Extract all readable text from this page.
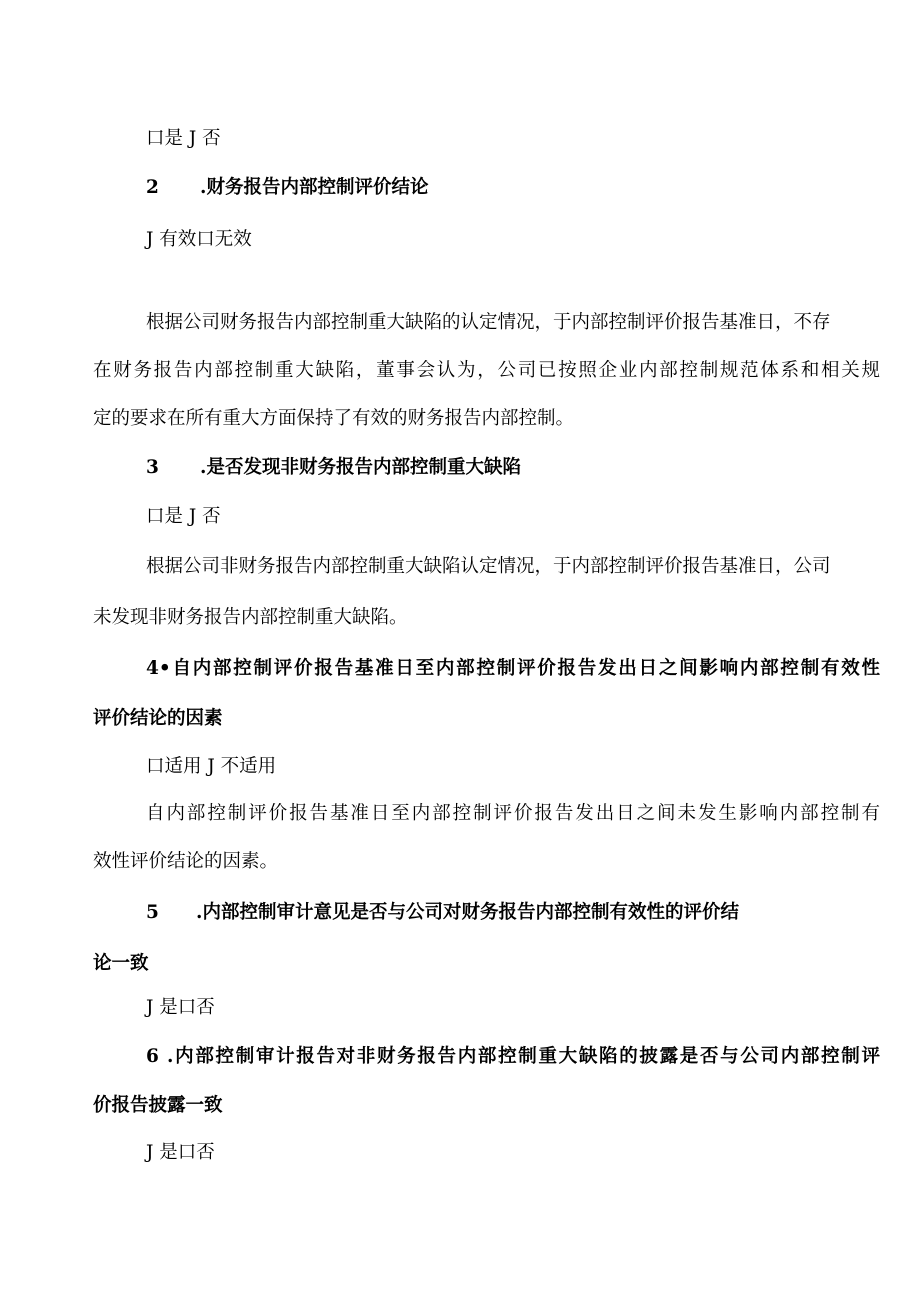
口是 J 否
2 .财务报告内部控制评价结论
J 有效口无效
根据公司财务报告内部控制重大缺陷的认定情况，于内部控制评价报告基准日，不存
在财务报告内部控制重大缺陷，董事会认为，公司已按照企业内部控制规范体系和相关规
定的要求在所有重大方面保持了有效的财务报告内部控制。
3 .是否发现非财务报告内部控制重大缺陷
口是 J 否
根据公司非财务报告内部控制重大缺陷认定情况，于内部控制评价报告基准日，公司
未发现非财务报告内部控制重大缺陷。
4•自内部控制评价报告基准日至内部控制评价报告发出日之间影响内部控制有效性
评价结论的因素
口适用 J 不适用
自内部控制评价报告基准日至内部控制评价报告发出日之间未发生影响内部控制有
效性评价结论的因素。
5 .内部控制审计意见是否与公司对财务报告内部控制有效性的评价结
论一致
J 是口否
6 .内部控制审计报告对非财务报告内部控制重大缺陷的披露是否与公司内部控制评
价报告披露一致
J 是口否
